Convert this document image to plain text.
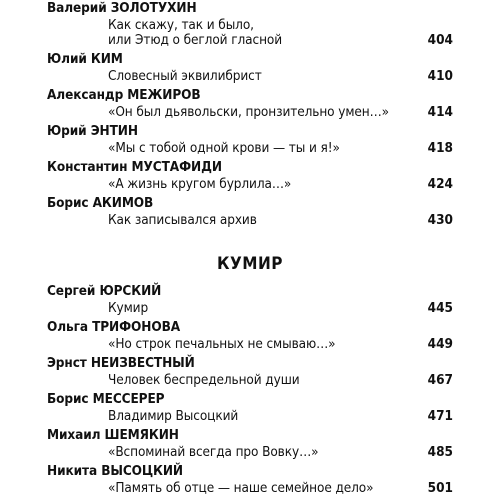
Валерий ЗОЛОТУХИН
Как скажу, так и было,
или Этюд о беглой гласной	404
Юлий КИМ
Словесный эквилибрист	410
Александр МЕЖИРОВ
«Он был дьявольски, пронзительно умен…»	414
Юрий ЭНТИН
«Мы с тобой одной крови — ты и я!»	418
Константин МУСТАФИДИ
«А жизнь кругом бурлила…»	424
Борис АКИМОВ
Как записывался архив	430
КУМИР
Сергей ЮРСКИЙ
Кумир	445
Ольга ТРИФОНОВА
«Но строк печальных не смываю…»	449
Эрнст НЕИЗВЕСТНЫЙ
Человек беспредельной души	467
Борис МЕССЕРЕР
Владимир Высоцкий	471
Михаил ШЕМЯКИН
«Вспоминай всегда про Вовку…»	485
Никита ВЫСОЦКИЙ
«Память об отце — наше семейное дело»	501
